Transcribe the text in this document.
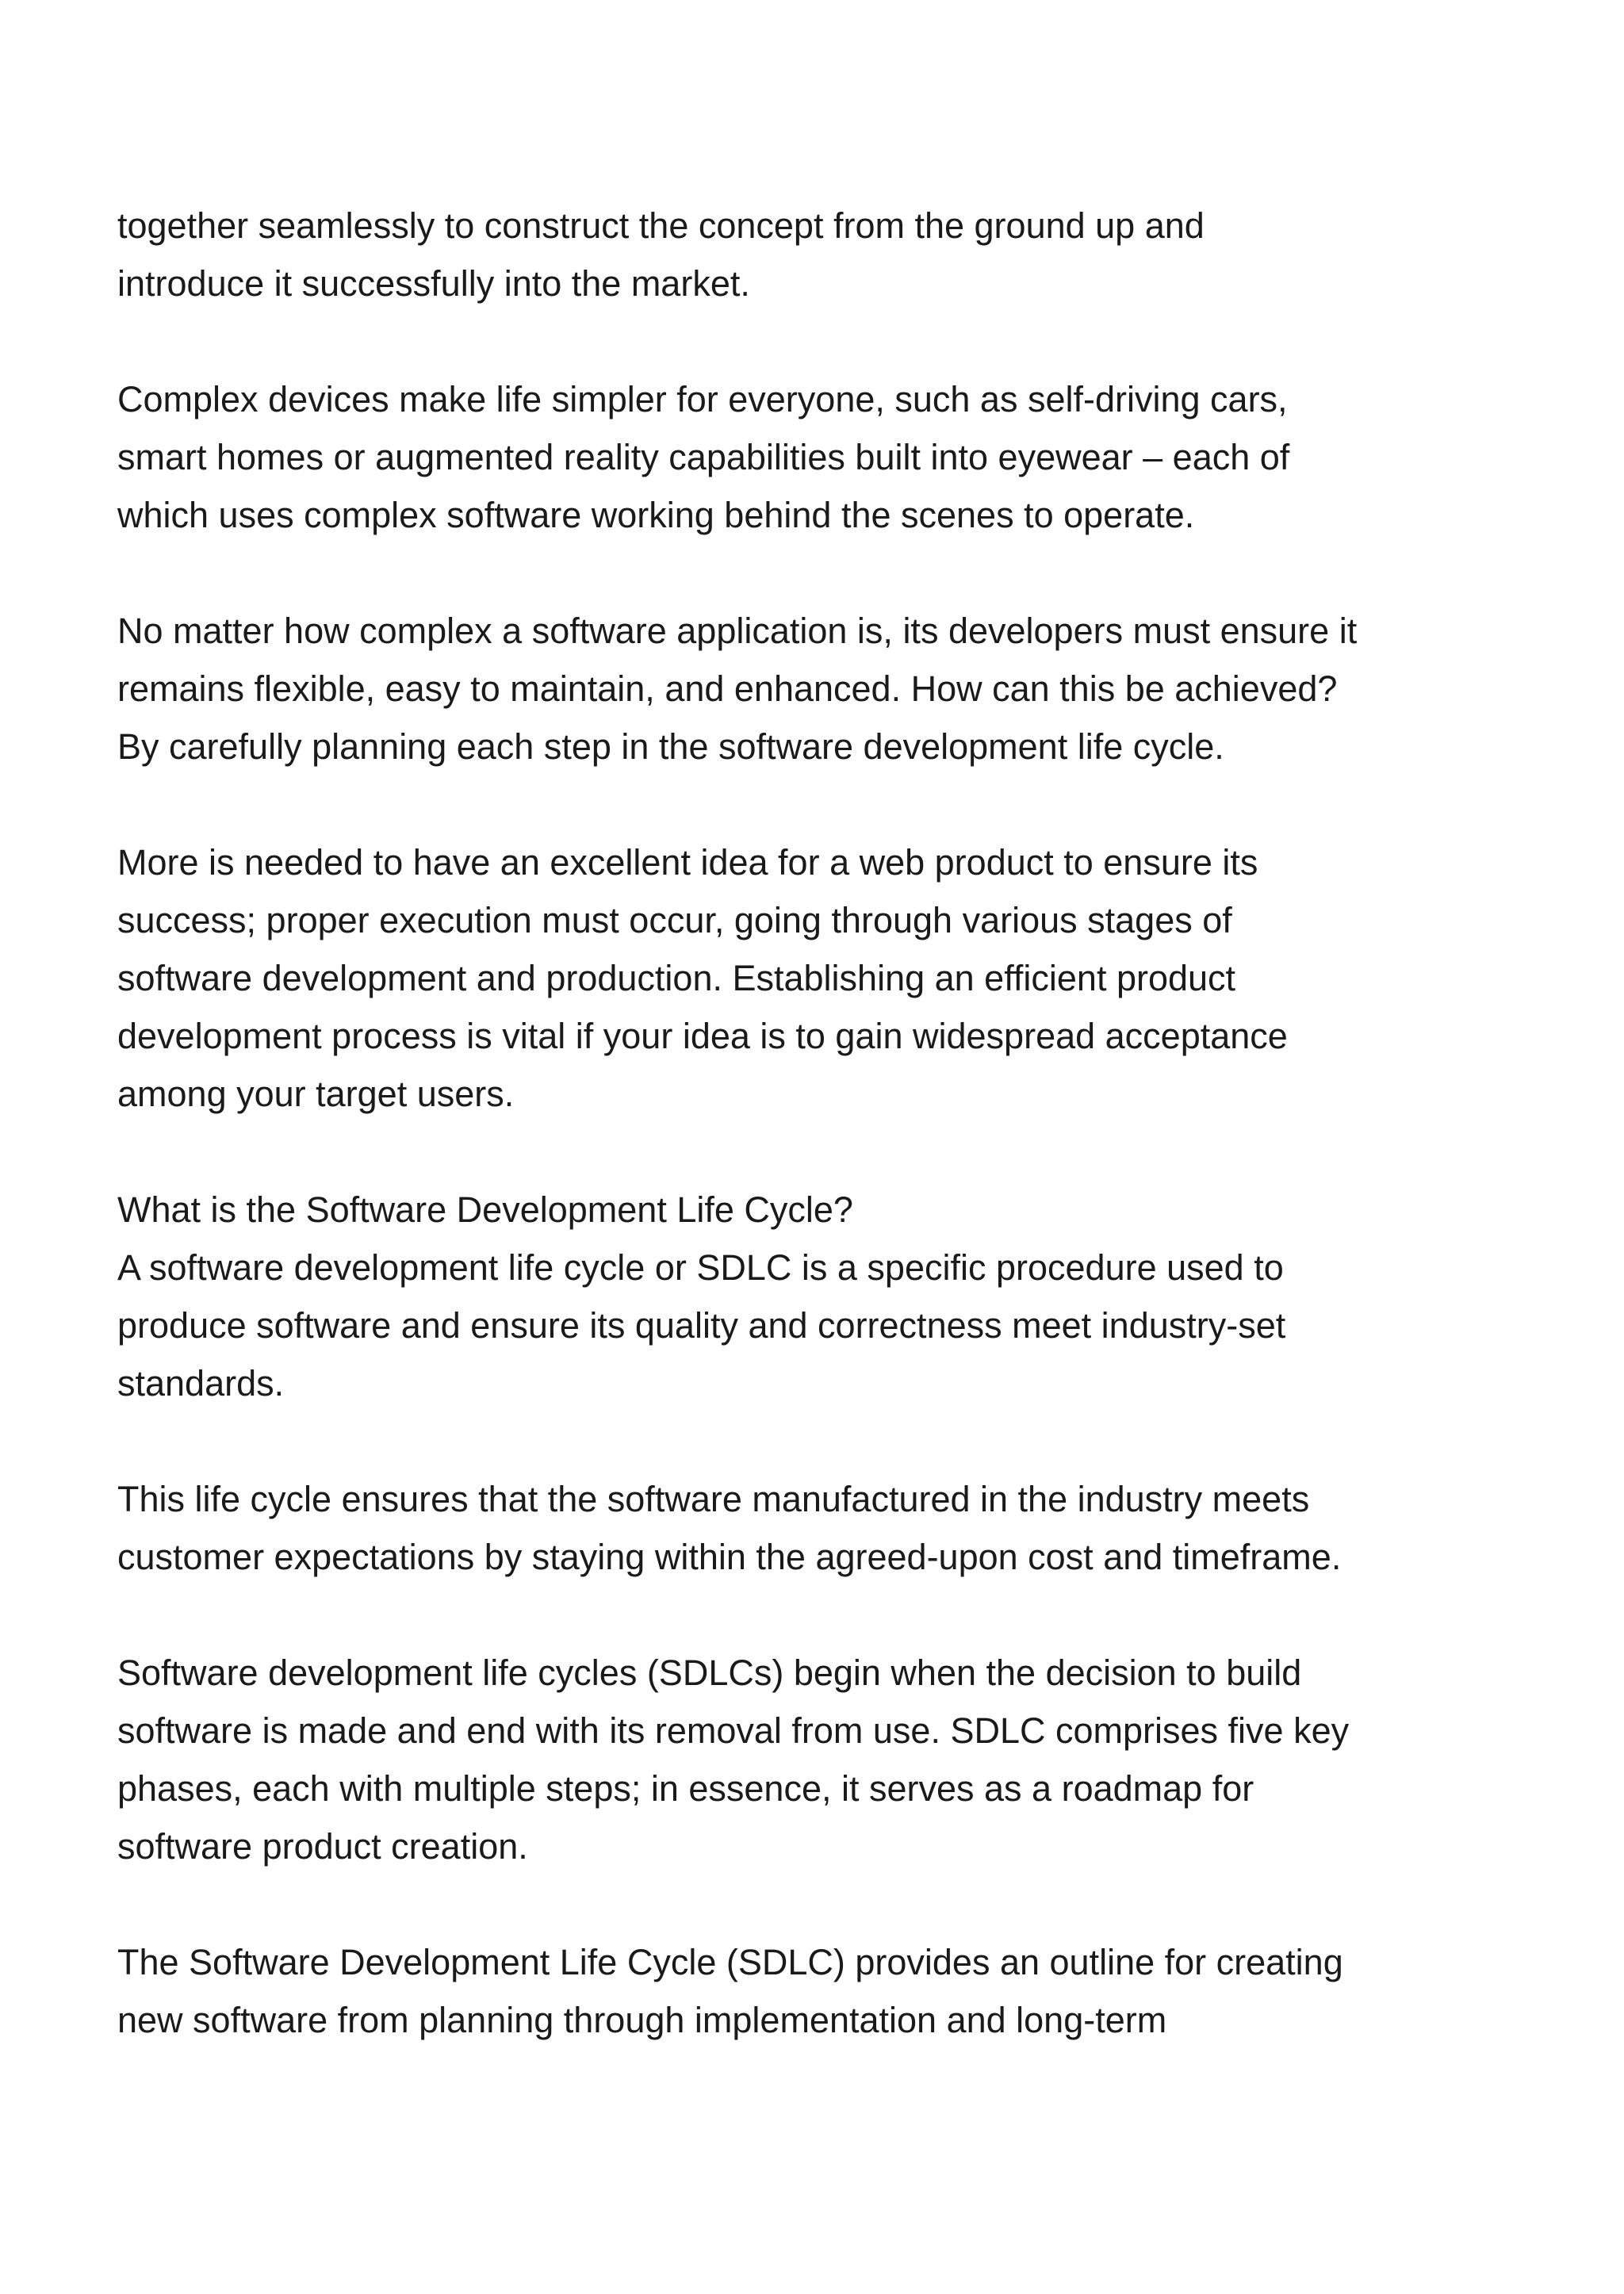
together seamlessly to construct the concept from the ground up and
introduce it successfully into the market.

Complex devices make life simpler for everyone, such as self-driving cars,
smart homes or augmented reality capabilities built into eyewear – each of
which uses complex software working behind the scenes to operate.

No matter how complex a software application is, its developers must ensure it
remains flexible, easy to maintain, and enhanced. How can this be achieved?
By carefully planning each step in the software development life cycle.

More is needed to have an excellent idea for a web product to ensure its
success; proper execution must occur, going through various stages of
software development and production. Establishing an efficient product
development process is vital if your idea is to gain widespread acceptance
among your target users.

What is the Software Development Life Cycle?
A software development life cycle or SDLC is a specific procedure used to
produce software and ensure its quality and correctness meet industry-set
standards.

This life cycle ensures that the software manufactured in the industry meets
customer expectations by staying within the agreed-upon cost and timeframe.

Software development life cycles (SDLCs) begin when the decision to build
software is made and end with its removal from use. SDLC comprises five key
phases, each with multiple steps; in essence, it serves as a roadmap for
software product creation.

The Software Development Life Cycle (SDLC) provides an outline for creating
new software from planning through implementation and long-term
